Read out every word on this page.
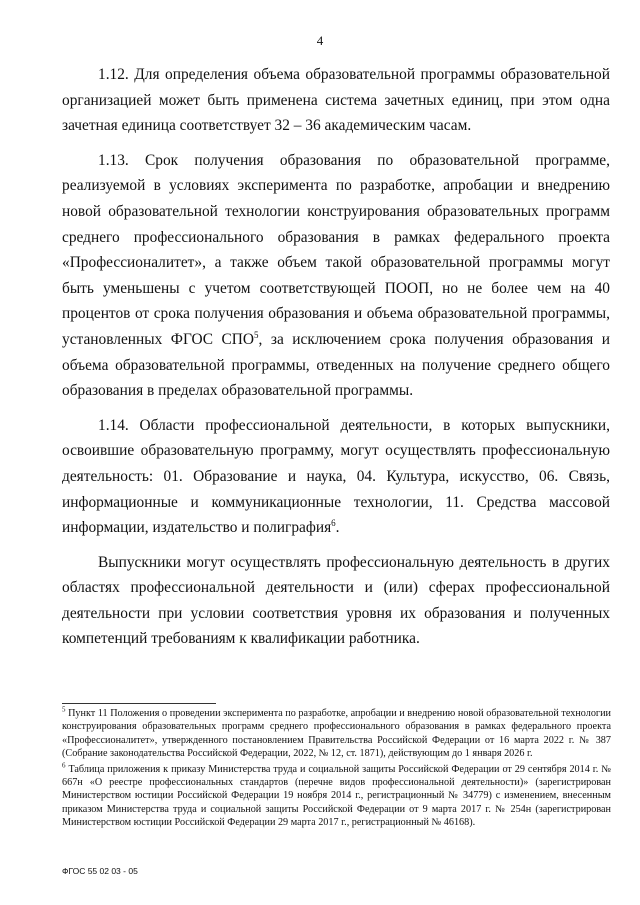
4

1.12. Для определения объема образовательной программы образовательной организацией может быть применена система зачетных единиц, при этом одна зачетная единица соответствует 32 – 36 академическим часам.

1.13. Срок получения образования по образовательной программе, реализуемой в условиях эксперимента по разработке, апробации и внедрению новой образовательной технологии конструирования образовательных программ среднего профессионального образования в рамках федерального проекта «Профессионалитет», а также объем такой образовательной программы могут быть уменьшены с учетом соответствующей ПООП, но не более чем на 40 процентов от срока получения образования и объема образовательной программы, установленных ФГОС СПО$^5$, за исключением срока получения образования и объема образовательной программы, отведенных на получение среднего общего образования в пределах образовательной программы.

1.14. Области профессиональной деятельности, в которых выпускники, освоившие образовательную программу, могут осуществлять профессиональную деятельность: 01. Образование и наука, 04. Культура, искусство, 06. Связь, информационные и коммуникационные технологии, 11. Средства массовой информации, издательство и полиграфия$^6$.

Выпускники могут осуществлять профессиональную деятельность в других областях профессиональной деятельности и (или) сферах профессиональной деятельности при условии соответствия уровня их образования и полученных компетенций требованиям к квалификации работника.

$^5$ Пункт 11 Положения о проведении эксперимента по разработке, апробации и внедрению новой образовательной технологии конструирования образовательных программ среднего профессионального образования в рамках федерального проекта «Профессионалитет», утвержденного постановлением Правительства Российской Федерации от 16 марта 2022 г. № 387 (Собрание законодательства Российской Федерации, 2022, № 12, ст. 1871), действующим до 1 января 2026 г.

$^6$ Таблица приложения к приказу Министерства труда и социальной защиты Российской Федерации от 29 сентября 2014 г. № 667н «О реестре профессиональных стандартов (перечне видов профессиональной деятельности)» (зарегистрирован Министерством юстиции Российской Федерации 19 ноября 2014 г., регистрационный № 34779) с изменением, внесенным приказом Министерства труда и социальной защиты Российской Федерации от 9 марта 2017 г. № 254н (зарегистрирован Министерством юстиции Российской Федерации 29 марта 2017 г., регистрационный № 46168).

ФГОС 55 02 03 - 05
